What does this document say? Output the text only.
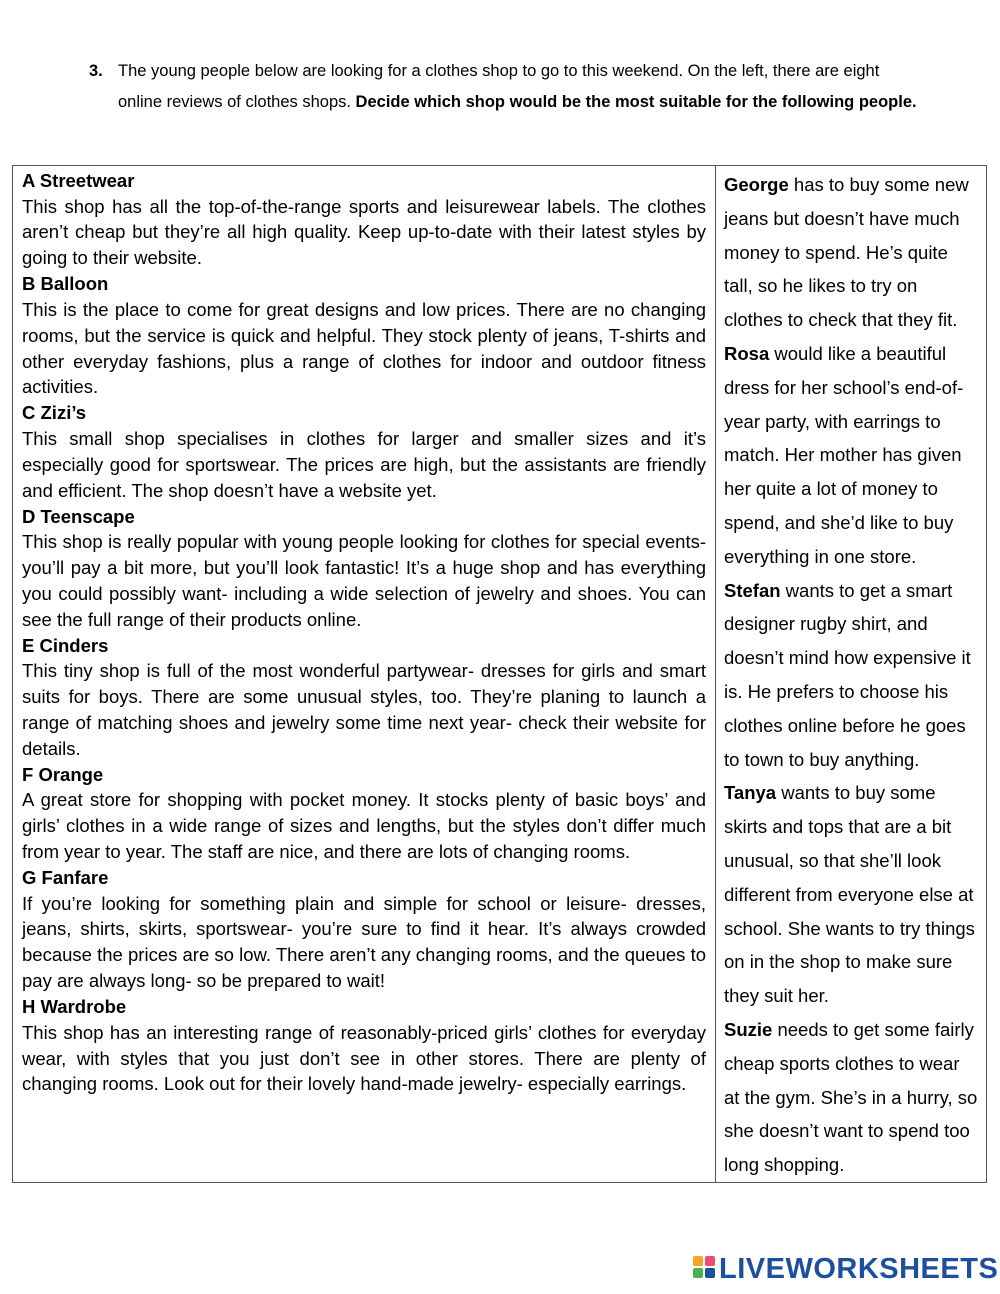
3. The young people below are looking for a clothes shop to go to this weekend. On the left, there are eight online reviews of clothes shops. Decide which shop would be the most suitable for the following people.
A Streetwear
This shop has all the top-of-the-range sports and leisurewear labels. The clothes aren’t cheap but they’re all high quality. Keep up-to-date with their latest styles by going to their website.
B Balloon
This is the place to come for great designs and low prices. There are no changing rooms, but the service is quick and helpful. They stock plenty of jeans, T-shirts and other everyday fashions, plus a range of clothes for indoor and outdoor fitness activities.
C Zizi’s
This small shop specialises in clothes for larger and smaller sizes and it’s especially good for sportswear. The prices are high, but the assistants are friendly and efficient. The shop doesn’t have a website yet.
D Teenscape
This shop is really popular with young people looking for clothes for special events- you’ll pay a bit more, but you’ll look fantastic! It’s a huge shop and has everything you could possibly want- including a wide selection of jewelry and shoes. You can see the full range of their products online.
E Cinders
This tiny shop is full of the most wonderful partywear- dresses for girls and smart suits for boys. There are some unusual styles, too. They’re planing to launch a range of matching shoes and jewelry some time next year- check their website for details.
F Orange
A great store for shopping with pocket money. It stocks plenty of basic boys’ and girls’ clothes in a wide range of sizes and lengths, but the styles don’t differ much from year to year. The staff are nice, and there are lots of changing rooms.
G Fanfare
If you’re looking for something plain and simple for school or leisure- dresses, jeans, shirts, skirts, sportswear- you’re sure to find it hear. It’s always crowded because the prices are so low. There aren’t any changing rooms, and the queues to pay are always long- so be prepared to wait!
H Wardrobe
This shop has an interesting range of reasonably-priced girls’ clothes for everyday wear, with styles that you just don’t see in other stores. There are plenty of changing rooms. Look out for their lovely hand-made jewelry- especially earrings.

George has to buy some new jeans but doesn’t have much money to spend. He’s quite tall, so he likes to try on clothes to check that they fit.
Rosa would like a beautiful dress for her school’s end-of-year party, with earrings to match. Her mother has given her quite a lot of money to spend, and she’d like to buy everything in one store.
Stefan wants to get a smart designer rugby shirt, and doesn’t mind how expensive it is. He prefers to choose his clothes online before he goes to town to buy anything.
Tanya wants to buy some skirts and tops that are a bit unusual, so that she’ll look different from everyone else at school. She wants to try things on in the shop to make sure they suit her.
Suzie needs to get some fairly cheap sports clothes to wear at the gym. She’s in a hurry, so she doesn’t want to spend too long shopping.
LIVEWORKSHEETS
